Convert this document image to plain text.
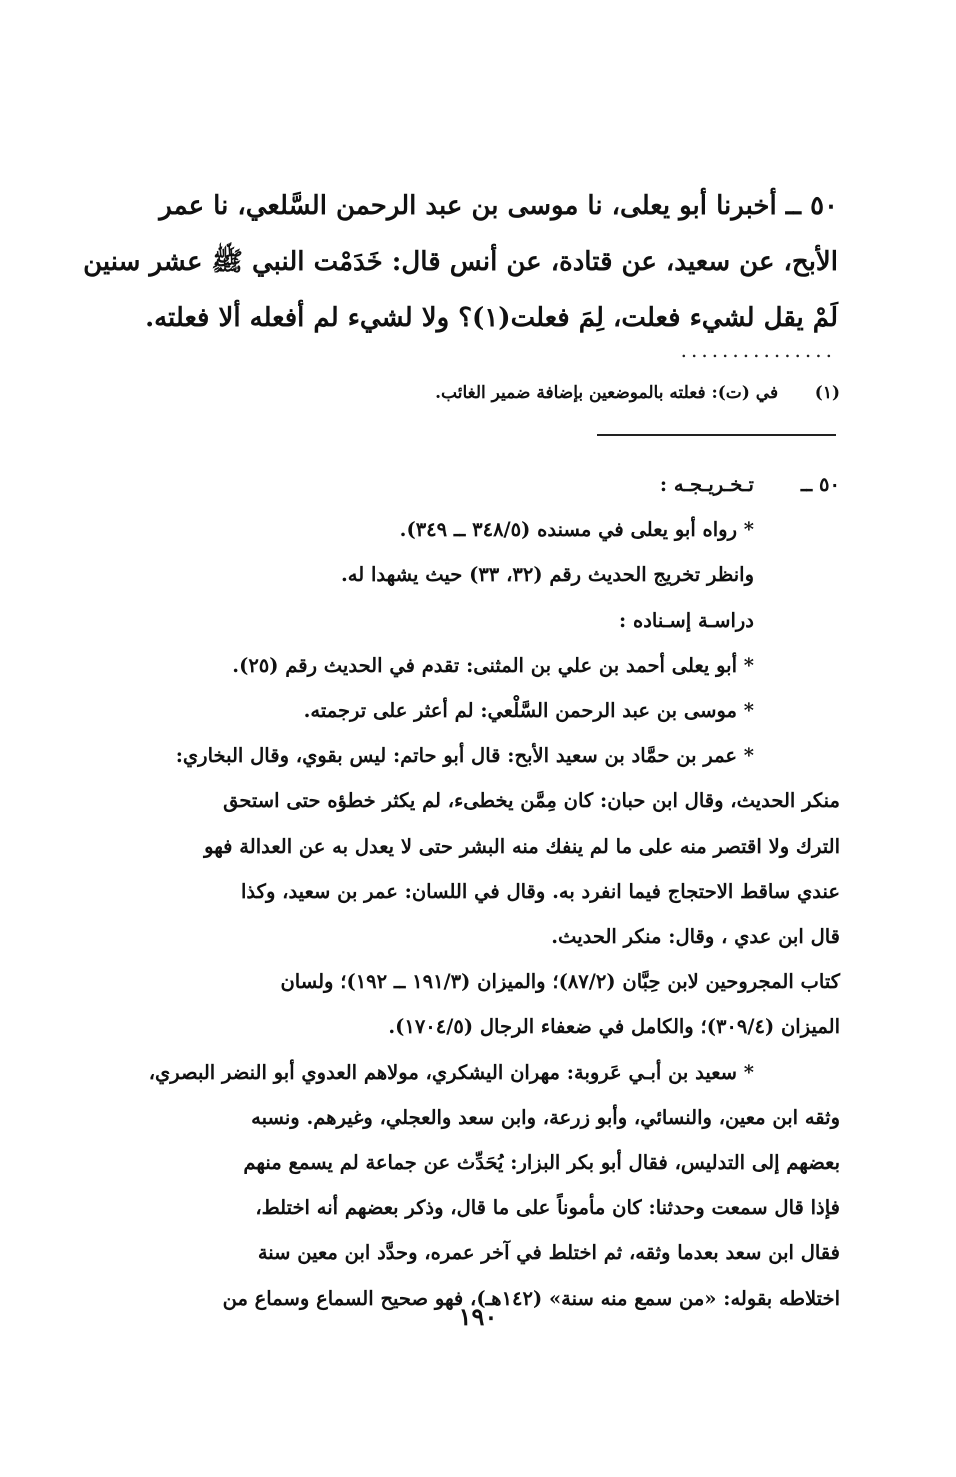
٥٠ ــ أخبرنا أبو يعلى، نا موسى بن عبد الرحمن السَّلعي، نا عمر

الأبح، عن سعيد، عن قتادة، عن أنس قال: خَدَمْت النبي ﷺ عشر سنين

لَمْ يقل لشيء فعلت، لِمَ فعلت(١)؟ ولا لشيء لم أفعله ألا فعلته.

...............
(١) في (ت): فعلته بالموضعين بإضافة ضمير الغائب.
٥٠ ــ
تـخـريـجـه :

* رواه أبو يعلى في مسنده (٣٤٨/٥ ــ ٣٤٩).

وانظر تخريج الحديث رقم (٣٢، ٣٣) حيث يشهدا له.

دراسـة إسـناده :

* أبو يعلى أحمد بن علي بن المثنى: تقدم في الحديث رقم (٢٥).

* موسى بن عبد الرحمن السَّلْعي: لم أعثر على ترجمته.

* عمر بن حمَّاد بن سعيد الأبح: قال أبو حاتم: ليس بقوي، وقال البخاري:

منكر الحديث، وقال ابن حبان: كان مِمَّن يخطىء، لم يكثر خطؤه حتى استحق

الترك ولا اقتصر منه على ما لم ينفك منه البشر حتى لا يعدل به عن العدالة فهو

عندي ساقط الاحتجاج فيما انفرد به. وقال في اللسان: عمر بن سعيد، وكذا

قال ابن عدي ، وقال: منكر الحديث.

كتاب المجروحين لابن حِبَّان (٨٧/٢)؛ والميزان (١٩١/٣ ــ ١٩٢)؛ ولسان

الميزان (٣٠٩/٤)؛ والكامل في ضعفاء الرجال (١٧٠٤/٥).

* سعيد بن أبـي عَروبة: مهران اليشكري، مولاهم العدوي أبو النضر البصري،

وثقه ابن معين، والنسائي، وأبو زرعة، وابن سعد والعجلي، وغيرهم. ونسبه

بعضهم إلى التدليس، فقال أبو بكر البزار: يُحَدِّث عن جماعة لم يسمع منهم

فإذا قال سمعت وحدثنا: كان مأموناً على ما قال، وذكر بعضهم أنه اختلط،

فقال ابن سعد بعدما وثقه، ثم اختلط في آخر عمره، وحدَّد ابن معين سنة

اختلاطه بقوله: «من سمع منه سنة» (١٤٢هـ)، فهو صحيح السماع وسماع من

١٩٠
